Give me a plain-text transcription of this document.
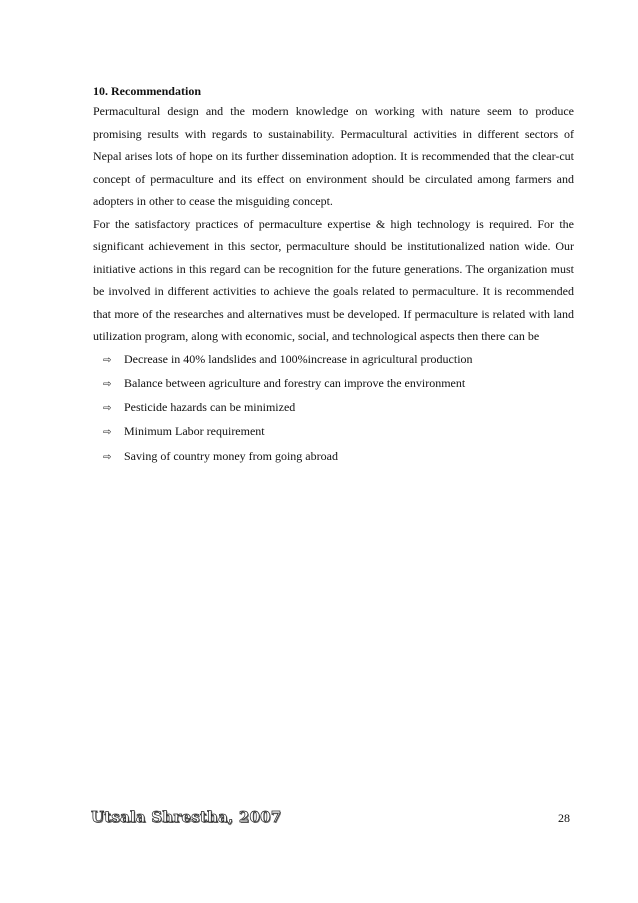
10. Recommendation

Permacultural design and the modern knowledge on working with nature seem to produce promising results with regards to sustainability. Permacultural activities in different sectors of Nepal arises lots of hope on its further dissemination adoption. It is recommended that the clear-cut concept of permaculture and its effect on environment should be circulated among farmers and adopters in other to cease the misguiding concept.

For the satisfactory practices of permaculture expertise & high technology is required. For the significant achievement in this sector, permaculture should be institutionalized nation wide. Our initiative actions in this regard can be recognition for the future generations. The organization must be involved in different activities to achieve the goals related to permaculture. It is recommended that more of the researches and alternatives must be developed. If permaculture is related with land utilization program, along with economic, social, and technological aspects then there can be

⇨	Decrease in 40% landslides and 100%increase in agricultural production
⇨	Balance between agriculture and forestry can improve the environment
⇨	Pesticide hazards can be minimized
⇨	Minimum Labor requirement
⇨	Saving of country money from going abroad
Utsala Shrestha, 2007	28
